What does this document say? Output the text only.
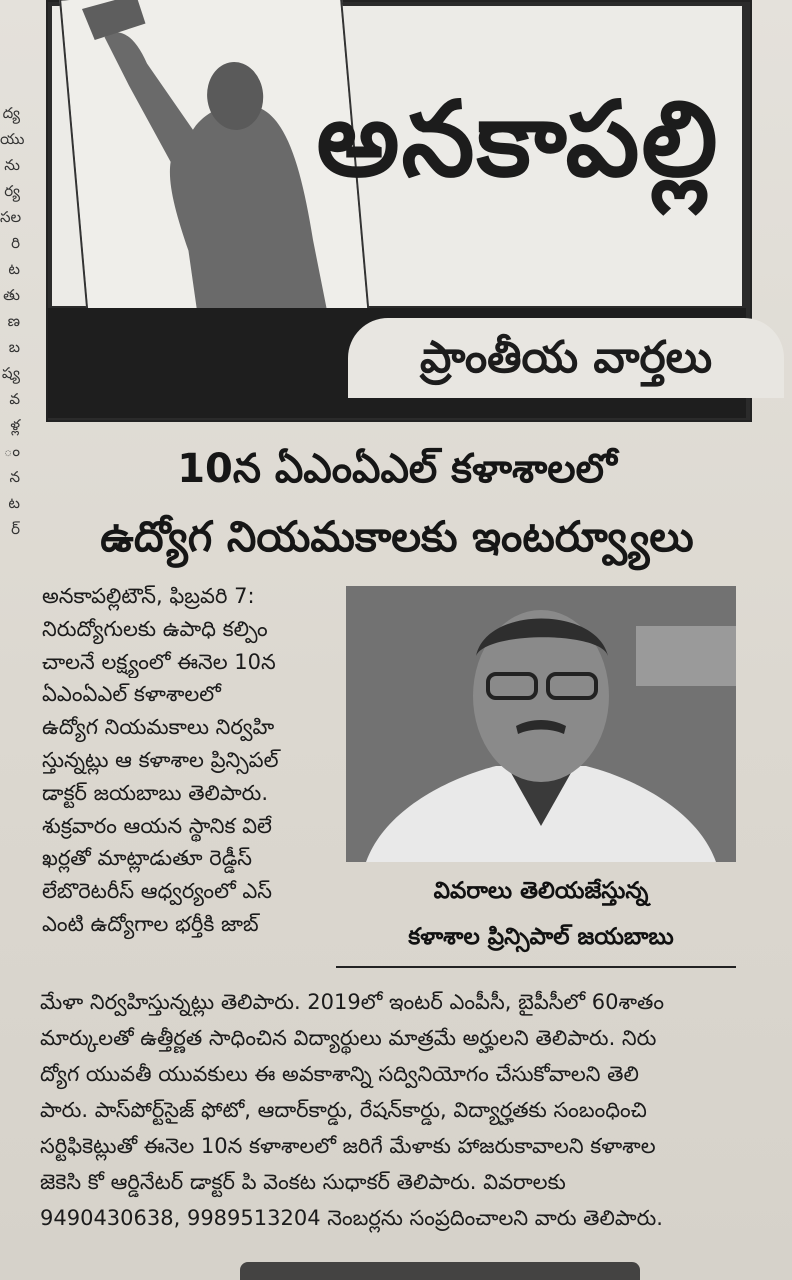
ద్య
యు
ను
ర్య
సల
రి
ట
తు
ణ
బ
ష్య
వ
ళ్ల
ం
న
ట
ర్
అనకాపల్లి
ప్రాంతీయ వార్తలు
10న ఏఎంఏఎల్ కళాశాలలో
ఉద్యోగ నియమకాలకు ఇంటర్వ్యూలు
అనకాపల్లిటౌన్, ఫిబ్రవరి 7:
నిరుద్యోగులకు ఉపాధి కల్పిం
చాలనే లక్ష్యంలో ఈనెల 10న
ఏఎంఏఎల్ కళాశాలలో
ఉద్యోగ నియమకాలు నిర్వహి
స్తున్నట్లు ఆ కళాశాల ప్రిన్సిపల్
డాక్టర్ జయబాబు తెలిపారు.
శుక్రవారం ఆయన స్థానిక విలే
ఖర్లతో మాట్లాడుతూ రెడ్డీస్
లేబొరెటరీస్ ఆధ్వర్యంలో ఎస్
ఎంటి ఉద్యోగాల భర్తీకి జాబ్
వివరాలు తెలియజేస్తున్న
కళాశాల ప్రిన్సిపాల్ జయబాబు
మేళా నిర్వహిస్తున్నట్లు తెలిపారు. 2019లో ఇంటర్ ఎంపీసీ, బైపీసీలో 60శాతం
మార్కులతో ఉత్తీర్ణత సాధించిన విద్యార్థులు మాత్రమే అర్హులని తెలిపారు. నిరు
ద్యోగ యువతీ యువకులు ఈ అవకాశాన్ని సద్వినియోగం చేసుకోవాలని తెలి
పారు. పాస్‌పోర్ట్‌సైజ్ ఫోటో, ఆదార్‌కార్డు, రేషన్‌కార్డు, విద్యార్హతకు సంబంధించి
సర్టిఫికెట్లుతో ఈనెల 10న కళాశాలలో జరిగే మేళాకు హాజరుకావాలని కళాశాల
జెకెసి కో ఆర్డినేటర్ డాక్టర్ పి వెంకట సుధాకర్ తెలిపారు. వివరాలకు
9490430638, 9989513204 నెంబర్లను సంప్రదించాలని వారు తెలిపారు.
